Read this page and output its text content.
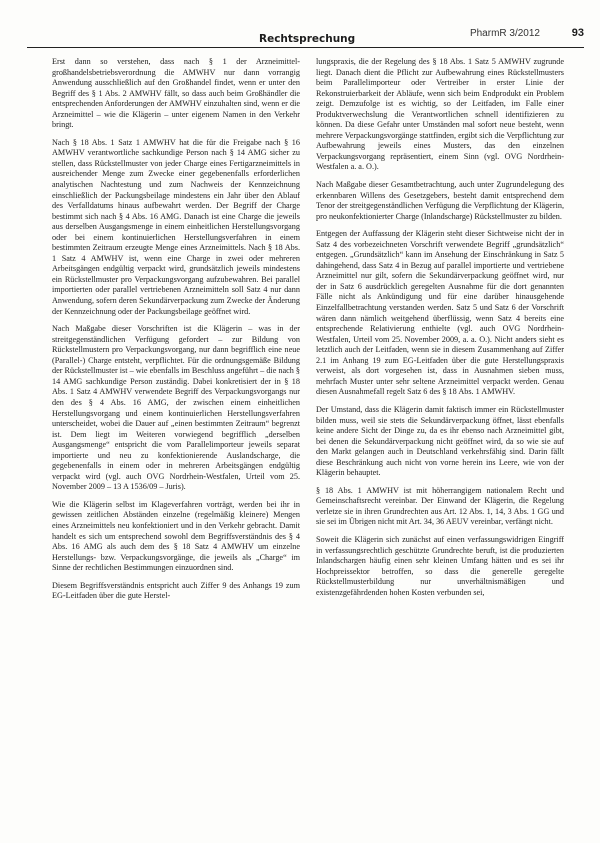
Rechtsprechung	PharmR 3/2012	93

Erst dann so verstehen, dass nach § 1 der Arzneimittel-großhandelsbetriebsverordnung die AMWHV nur dann vorrangig Anwendung ausschließlich auf den Großhandel findet, wenn er unter den Begriff des § 1 Abs. 2 AMWHV fällt, so dass auch beim Großhändler die entsprechenden Anforderungen der AMWHV einzuhalten sind, wenn er die Arzneimittel – wie die Klägerin – unter eigenem Namen in den Verkehr bringt.

Nach § 18 Abs. 1 Satz 1 AMWHV hat die für die Freigabe nach § 16 AMWHV verantwortliche sachkundige Person nach § 14 AMG sicher zu stellen, dass Rückstellmuster von jeder Charge eines Fertigarzneimittels in ausreichender Menge zum Zwecke einer gegebenenfalls erforderlichen analytischen Nachtestung und zum Nachweis der Kennzeichnung einschließlich der Packungsbeilage mindestens ein Jahr über den Ablauf des Verfalldatums hinaus aufbewahrt werden. Der Begriff der Charge bestimmt sich nach § 4 Abs. 16 AMG. Danach ist eine Charge die jeweils aus derselben Ausgangsmenge in einem einheitlichen Herstellungsvorgang oder bei einem kontinuierlichen Herstellungsverfahren in einem bestimmten Zeitraum erzeugte Menge eines Arzneimittels. Nach § 18 Abs. 1 Satz 4 AMWHV ist, wenn eine Charge in zwei oder mehreren Arbeitsgängen endgültig verpackt wird, grundsätzlich jeweils mindestens ein Rückstellmuster pro Verpackungsvorgang aufzubewahren. Bei parallel importierten oder parallel vertriebenen Arzneimitteln soll Satz 4 nur dann Anwendung, sofern deren Sekundärverpackung zum Zwecke der Änderung der Kennzeichnung oder der Packungsbeilage geöffnet wird.

Nach Maßgabe dieser Vorschriften ist die Klägerin – was in der streitgegenständlichen Verfügung gefordert – zur Bildung von Rückstellmustern pro Verpackungsvorgang, nur dann begrifflich eine neue (Parallel-) Charge entsteht, verpflichtet. Für die ordnungsgemäße Bildung der Rückstellmuster ist – wie ebenfalls im Beschluss angeführt – die nach § 14 AMG sachkundige Person zuständig. Dabei konkretisiert der in § 18 Abs. 1 Satz 4 AMWHV verwendete Begriff des Verpackungsvorgangs nur den des § 4 Abs. 16 AMG, der zwischen einem einheitlichen Herstellungsvorgang und einem kontinuierlichen Herstellungsverfahren unterscheidet, wobei die Dauer auf „einen bestimmten Zeitraum“ begrenzt ist. Dem liegt im Weiteren vorwiegend begrifflich „derselben Ausgangsmenge“ entspricht die vom Parallelimporteur jeweils separat importierte und neu zu konfektionierende Auslandscharge, die gegebenenfalls in einem oder in mehreren Arbeitsgängen endgültig verpackt wird (vgl. auch OVG Nordrhein-Westfalen, Urteil vom 25. November 2009 – 13 A 1536/09 – Juris).

Wie die Klägerin selbst im Klageverfahren vorträgt, werden bei ihr in gewissen zeitlichen Abständen einzelne (regelmäßig kleinere) Mengen eines Arzneimittels neu konfektioniert und in den Verkehr gebracht. Damit handelt es sich um entsprechend sowohl dem Begriffsverständnis des § 4 Abs. 16 AMG als auch dem des § 18 Satz 4 AMWHV um einzelne Herstellungs- bzw. Verpackungsvorgänge, die jeweils als „Charge“ im Sinne der rechtlichen Bestimmungen einzuordnen sind.

Diesem Begriffsverständnis entspricht auch Ziffer 9 des Anhangs 19 zum EG-Leitfaden über die gute Herstel-

lungspraxis, die der Regelung des § 18 Abs. 1 Satz 5 AMWHV zugrunde liegt. Danach dient die Pflicht zur Aufbewahrung eines Rückstellmusters beim Parallelimporteur oder Vertreiber in erster Linie der Rekonstruierbarkeit der Abläufe, wenn sich beim Endprodukt ein Problem zeigt. Demzufolge ist es wichtig, so der Leitfaden, im Falle einer Produktverwechslung die Verantwortlichen schnell identifizieren zu können. Da diese Gefahr unter Umständen mal sofort neue besteht, wenn mehrere Verpackungsvorgänge stattfinden, ergibt sich die Verpflichtung zur Aufbewahrung jeweils eines Musters, das den einzelnen Verpackungsvorgang repräsentiert, einem Sinn (vgl. OVG Nordrhein-Westfalen a. a. O.).

Nach Maßgabe dieser Gesamtbetrachtung, auch unter Zugrundelegung des erkennbaren Willens des Gesetzgebers, besteht damit entsprechend dem Tenor der streitgegenständlichen Verfügung die Verpflichtung der Klägerin, pro neukonfektionierter Charge (Inlandscharge) Rückstellmuster zu bilden.

Entgegen der Auffassung der Klägerin steht dieser Sichtweise nicht der in Satz 4 des vorbezeichneten Vorschrift verwendete Begriff „grundsätzlich“ entgegen. „Grundsätzlich“ kann im Ansehung der Einschränkung in Satz 5 dahingehend, dass Satz 4 in Bezug auf parallel importierte und vertriebene Arzneimittel nur gilt, sofern die Sekundärverpackung geöffnet wird, nur der in Satz 6 ausdrücklich geregelten Ausnahme für die dort genannten Fälle nicht als Ankündigung und für eine darüber hinausgehende Einzelfallbetrachtung verstanden werden. Satz 5 und Satz 6 der Vorschrift wären dann nämlich weitgehend überflüssig, wenn Satz 4 bereits eine entsprechende Relativierung enthielte (vgl. auch OVG Nordrhein-Westfalen, Urteil vom 25. November 2009, a. a. O.). Nicht anders sieht es letztlich auch der Leitfaden, wenn sie in diesem Zusammenhang auf Ziffer 2.1 im Anhang 19 zum EG-Leitfaden über die gute Herstellungspraxis verweist, als dort vorgesehen ist, dass in Ausnahmen sieben muss, mehrfach Muster unter sehr seltene Arzneimittel verpackt werden. Genau diesen Ausnahmefall regelt Satz 6 des § 18 Abs. 1 AMWHV.

Der Umstand, dass die Klägerin damit faktisch immer ein Rückstellmuster bilden muss, weil sie stets die Sekundärverpackung öffnet, lässt ebenfalls keine andere Sicht der Dinge zu, da es ihr ebenso nach Arzneimittel gibt, bei denen die Sekundärverpackung nicht geöffnet wird, da so wie sie auf den Markt gelangen auch in Deutschland verkehrsfähig sind. Darin fällt diese Beschränkung auch nicht von vorne herein ins Leere, wie von der Klägerin behauptet.

§ 18 Abs. 1 AMWHV ist mit höherrangigem nationalem Recht und Gemeinschaftsrecht vereinbar. Der Einwand der Klägerin, die Regelung verletze sie in ihren Grundrechten aus Art. 12 Abs. 1, 14, 3 Abs. 1 GG und sie sei im Übrigen nicht mit Art. 34, 36 AEUV vereinbar, verfängt nicht.

Soweit die Klägerin sich zunächst auf einen verfassungswidrigen Eingriff in verfassungsrechtlich geschützte Grundrechte beruft, ist die produzierten Inlandschargen häufig einen sehr kleinen Umfang hätten und es sei ihr Hochpreissektor betroffen, so dass die generelle geregelte Rückstellmusterbildung nur unverhältnismäßigen und existenzgefährdenden hohen Kosten verbunden sei,
